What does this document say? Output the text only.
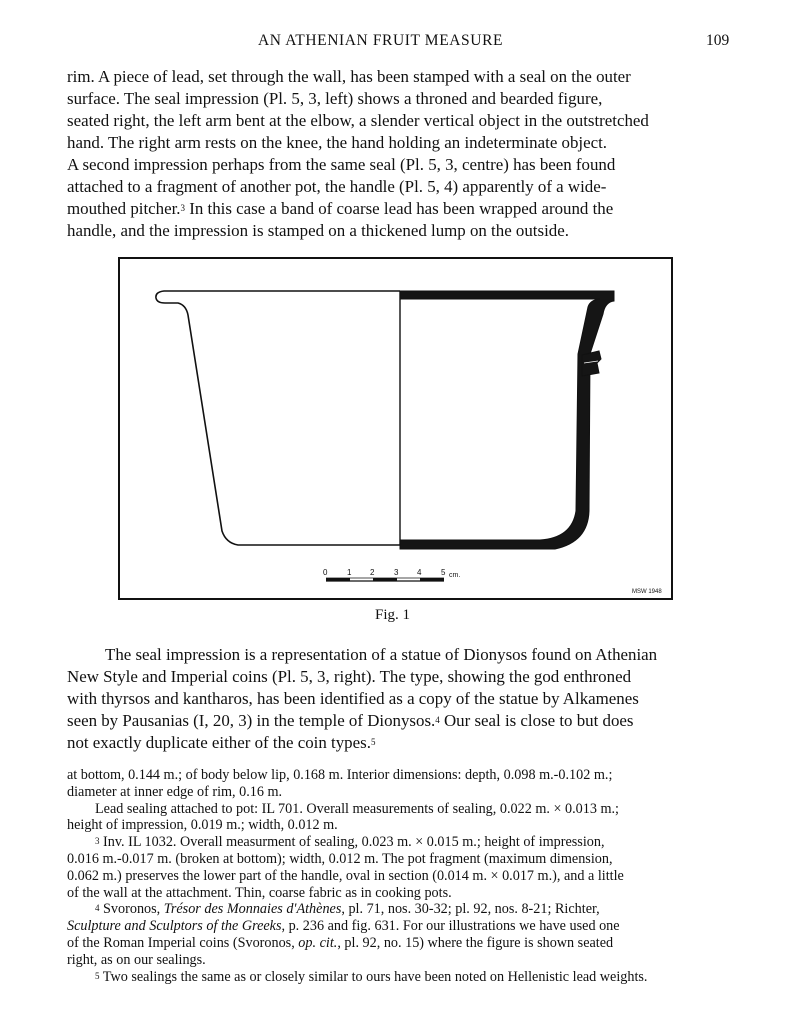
AN ATHENIAN FRUIT MEASURE	109

rim. A piece of lead, set through the wall, has been stamped with a seal on the outer

surface. The seal impression (Pl. 5, 3, left) shows a throned and bearded figure,

seated right, the left arm bent at the elbow, a slender vertical object in the outstretched

hand. The right arm rests on the knee, the hand holding an indeterminate object.

A second impression perhaps from the same seal (Pl. 5, 3, centre) has been found

attached to a fragment of another pot, the handle (Pl. 5, 4) apparently of a wide-

mouthed pitcher.$^3$ In this case a band of coarse lead has been wrapped around the

handle, and the impression is stamped on a thickened lump on the outside.

0 1 2 3 4 5 cm.
MSW 1948
Fig. 1

The seal impression is a representation of a statue of Dionysos found on Athenian

New Style and Imperial coins (Pl. 5, 3, right). The type, showing the god enthroned

with thyrsos and kantharos, has been identified as a copy of the statue by Alkamenes

seen by Pausanias (I, 20, 3) in the temple of Dionysos.$^4$ Our seal is close to but does

not exactly duplicate either of the coin types.$^5$

at bottom, 0.144 m.; of body below lip, 0.168 m. Interior dimensions: depth, 0.098 m.-0.102 m.;

diameter at inner edge of rim, 0.16 m.

Lead sealing attached to pot: IL 701. Overall measurements of sealing, 0.022 m. × 0.013 m.;

height of impression, 0.019 m.; width, 0.012 m.

$^3$ Inv. IL 1032. Overall measurment of sealing, 0.023 m. × 0.015 m.; height of impression,

0.016 m.-0.017 m. (broken at bottom); width, 0.012 m. The pot fragment (maximum dimension,

0.062 m.) preserves the lower part of the handle, oval in section (0.014 m. × 0.017 m.), and a little

of the wall at the attachment. Thin, coarse fabric as in cooking pots.

$^4$ Svoronos, Trésor des Monnaies d'Athènes, pl. 71, nos. 30-32; pl. 92, nos. 8-21; Richter,

Sculpture and Sculptors of the Greeks, p. 236 and fig. 631. For our illustrations we have used one

of the Roman Imperial coins (Svoronos, op. cit., pl. 92, no. 15) where the figure is shown seated

right, as on our sealings.

$^5$ Two sealings the same as or closely similar to ours have been noted on Hellenistic lead weights.
